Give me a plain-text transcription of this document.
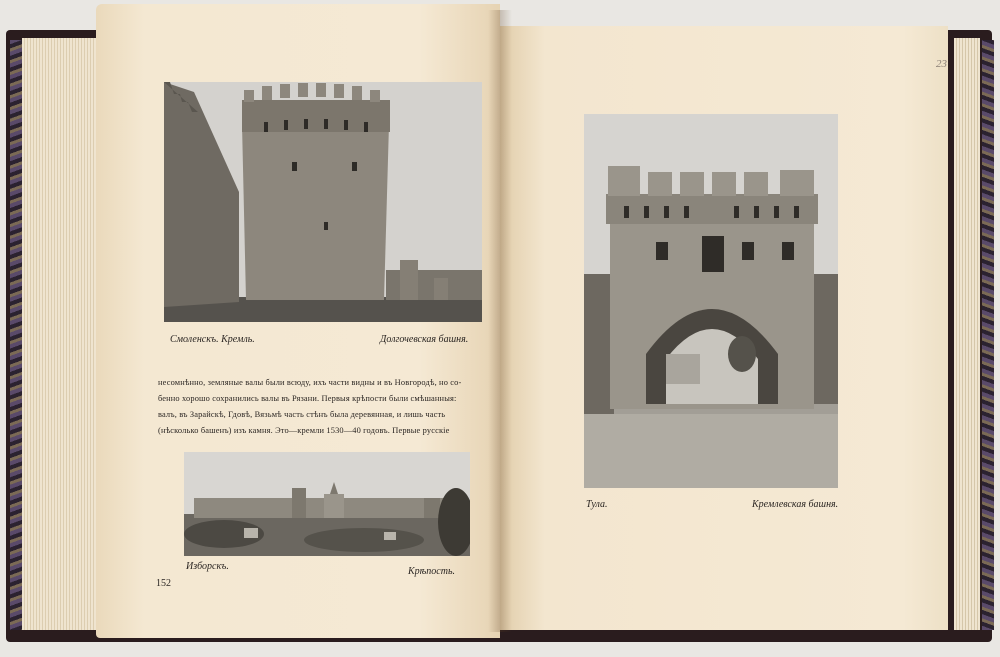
Смоленскъ. Кремль.	Долгочевская башня.
несомнѣнно, земляные валы были всюду, ихъ части видны и въ Новгородѣ, но со-
бенно хорошо сохранились валы въ Рязани. Первыя крѣпости были смѣшанныя:
валъ, въ Зарайскѣ, Гдовѣ, Вязьмѣ часть стѣнъ была деревянная, и лишь часть
(нѣсколько башенъ) изъ камня. Это—кремли 1530—40 годовъ. Первые русскіе
Изборскъ.	Крѣпость.
152
23
Тула.	Кремлевская башня.
